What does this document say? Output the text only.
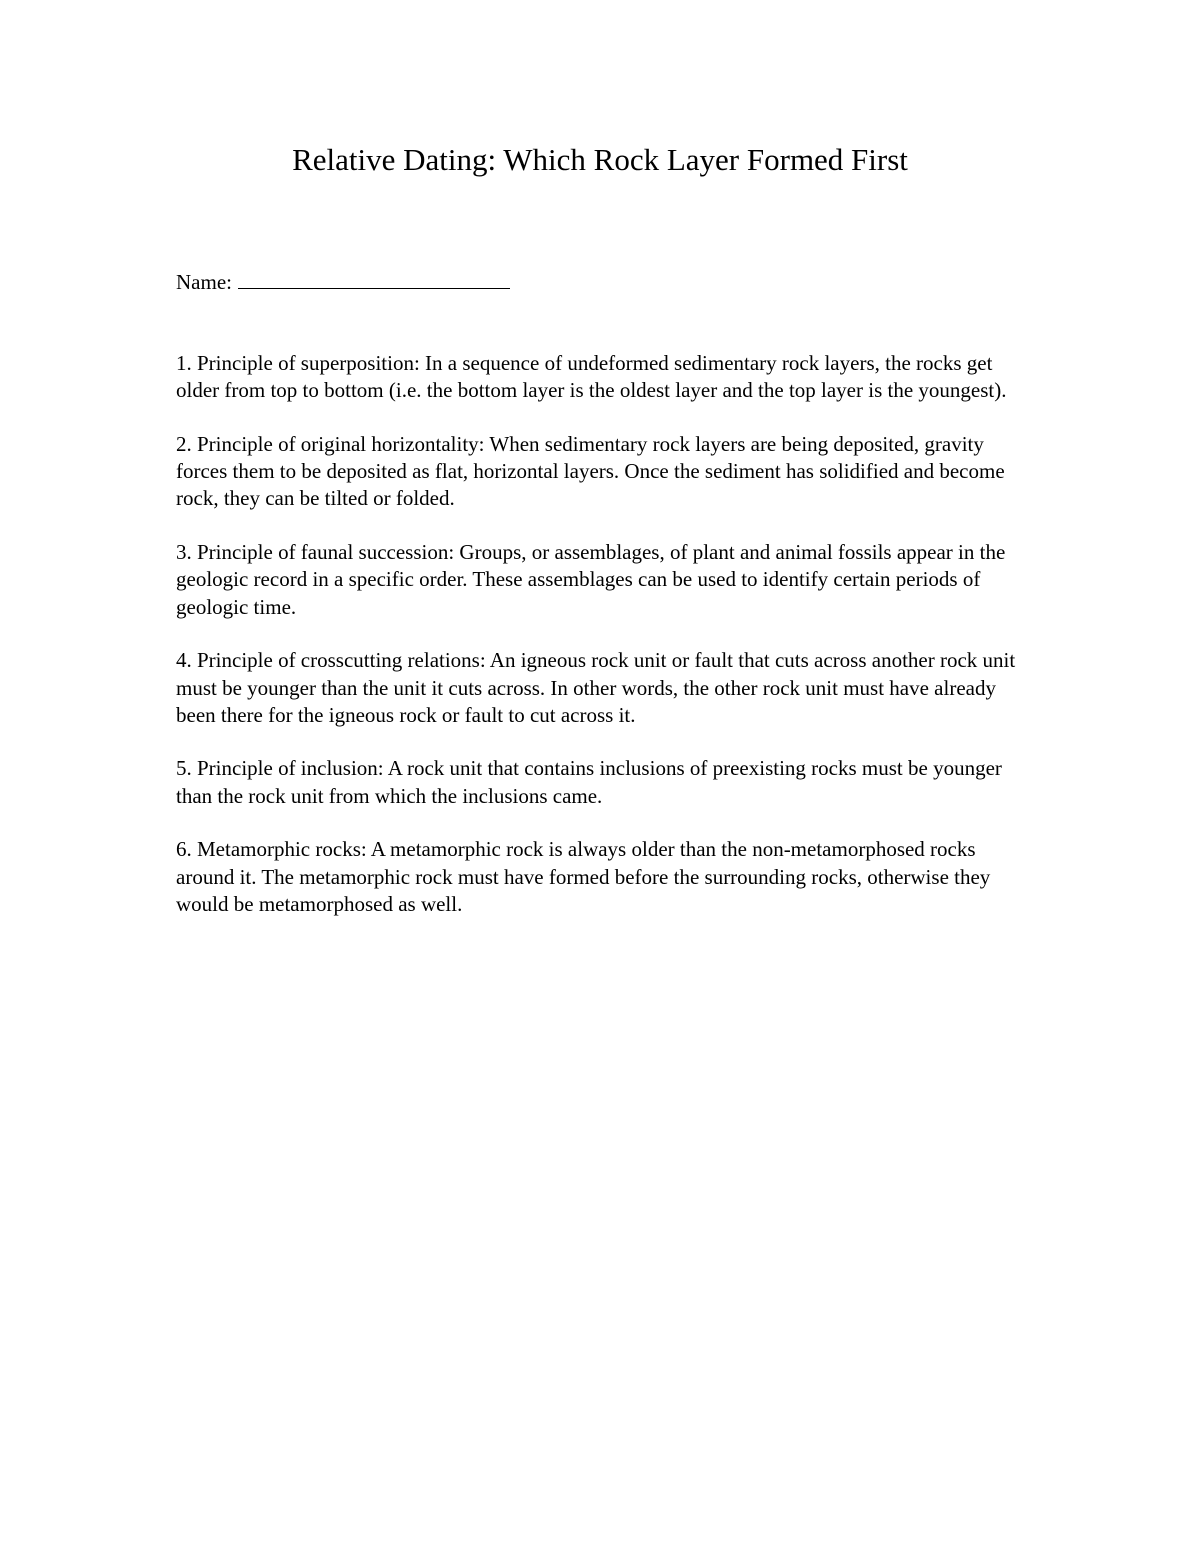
Relative Dating: Which Rock Layer Formed First
Name:
1. Principle of superposition: In a sequence of undeformed sedimentary rock layers, the rocks get older from top to bottom (i.e. the bottom layer is the oldest layer and the top layer is the youngest).
2. Principle of original horizontality: When sedimentary rock layers are being deposited, gravity forces them to be deposited as flat, horizontal layers. Once the sediment has solidified and become rock, they can be tilted or folded.
3. Principle of faunal succession: Groups, or assemblages, of plant and animal fossils appear in the geologic record in a specific order. These assemblages can be used to identify certain periods of geologic time.
4. Principle of crosscutting relations: An igneous rock unit or fault that cuts across another rock unit must be younger than the unit it cuts across. In other words, the other rock unit must have already been there for the igneous rock or fault to cut across it.
5. Principle of inclusion: A rock unit that contains inclusions of preexisting rocks must be younger than the rock unit from which the inclusions came.
6. Metamorphic rocks: A metamorphic rock is always older than the non-metamorphosed rocks around it. The metamorphic rock must have formed before the surrounding rocks, otherwise they would be metamorphosed as well.
